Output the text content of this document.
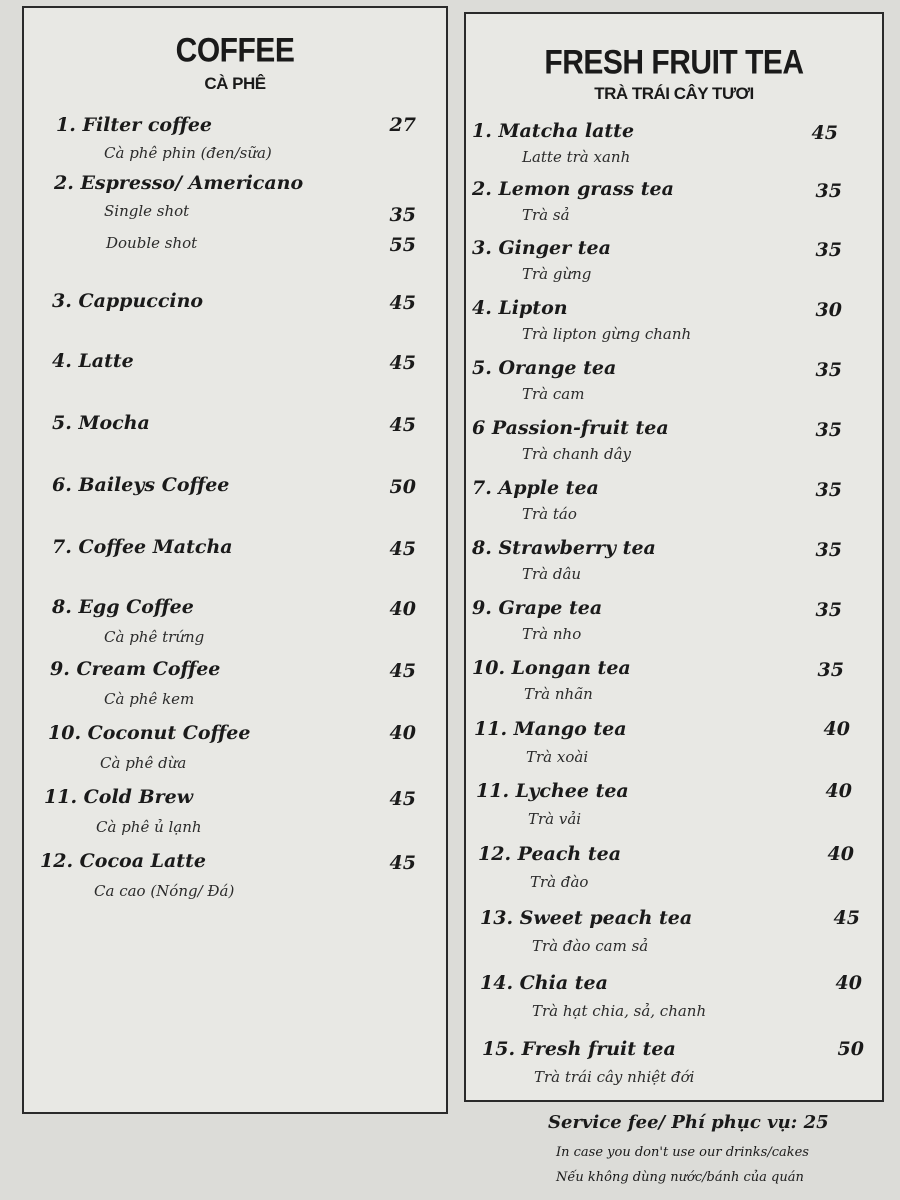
COFFEE
CÀ PHÊ
1. Filter coffee	27
Cà phê phin (đen/sữa)
2. Espresso/ Americano
Single shot	35
Double shot	55
3. Cappuccino	45
4. Latte	45
5. Mocha	45
6. Baileys Coffee	50
7. Coffee Matcha	45
8. Egg Coffee	40
Cà phê trứng
9. Cream Coffee	45
Cà phê kem
10. Coconut Coffee	40
Cà phê dừa
11. Cold Brew	45
Cà phê ủ lạnh
12. Cocoa Latte	45
Ca cao (Nóng/ Đá)
FRESH FRUIT TEA
TRÀ TRÁI CÂY TƯƠI
1. Matcha latte	45
Latte trà xanh
2. Lemon grass tea	35
Trà sả
3. Ginger tea	35
Trà gừng
4. Lipton	30
Trà lipton gừng chanh
5. Orange tea	35
Trà cam
6 Passion-fruit tea	35
Trà chanh dây
7. Apple tea	35
Trà táo
8. Strawberry tea	35
Trà dâu
9. Grape tea	35
Trà nho
10. Longan tea	35
Trà nhãn
11. Mango tea	40
Trà xoài
11. Lychee tea	40
Trà vải
12. Peach tea	40
Trà đào
13. Sweet peach tea	45
Trà đào cam sả
14. Chia tea	40
Trà hạt chia, sả, chanh
15. Fresh fruit tea	50
Trà trái cây nhiệt đới
Service fee/ Phí phục vụ: 25
In case you don't use our drinks/cakes
Nếu không dùng nước/bánh của quán
